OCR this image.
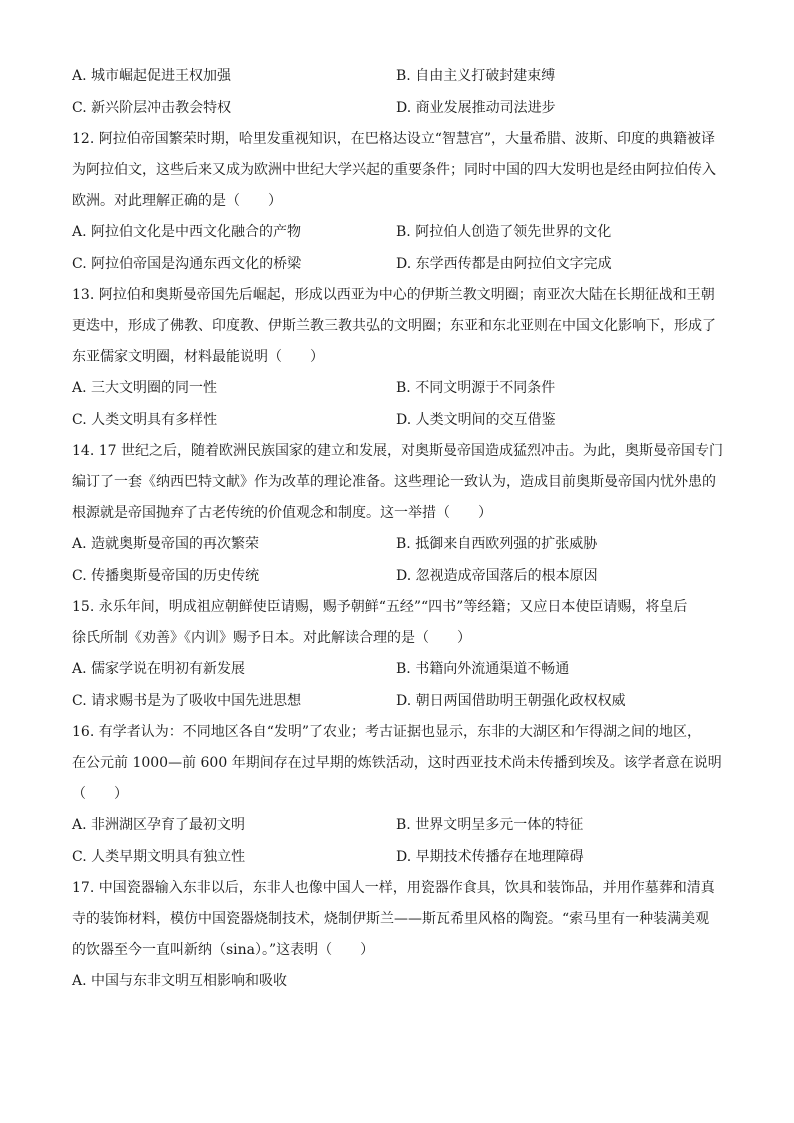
A. 城市崛起促进王权加强	B. 自由主义打破封建束缚
C. 新兴阶层冲击教会特权	D. 商业发展推动司法进步
12. 阿拉伯帝国繁荣时期，哈里发重视知识，在巴格达设立“智慧宫”，大量希腊、波斯、印度的典籍被译
为阿拉伯文，这些后来又成为欧洲中世纪大学兴起的重要条件；同时中国的四大发明也是经由阿拉伯传入
欧洲。对此理解正确的是（　　）
A. 阿拉伯文化是中西文化融合的产物	B. 阿拉伯人创造了领先世界的文化
C. 阿拉伯帝国是沟通东西文化的桥梁	D. 东学西传都是由阿拉伯文字完成
13. 阿拉伯和奥斯曼帝国先后崛起，形成以西亚为中心的伊斯兰教文明圈；南亚次大陆在长期征战和王朝
更迭中，形成了佛教、印度教、伊斯兰教三教共弘的文明圈；东亚和东北亚则在中国文化影响下，形成了
东亚儒家文明圈，材料最能说明（　　）
A. 三大文明圈的同一性	B. 不同文明源于不同条件
C. 人类文明具有多样性	D. 人类文明间的交互借鉴
14. 17 世纪之后，随着欧洲民族国家的建立和发展，对奥斯曼帝国造成猛烈冲击。为此，奥斯曼帝国专门
编订了一套《纳西巴特文献》作为改革的理论准备。这些理论一致认为，造成目前奥斯曼帝国内忧外患的
根源就是帝国抛弃了古老传统的价值观念和制度。这一举措（　　）
A. 造就奥斯曼帝国的再次繁荣	B. 抵御来自西欧列强的扩张威胁
C. 传播奥斯曼帝国的历史传统	D. 忽视造成帝国落后的根本原因
15. 永乐年间，明成祖应朝鲜使臣请赐，赐予朝鲜“五经”“四书”等经籍；又应日本使臣请赐，将皇后
徐氏所制《劝善》《内训》赐予日本。对此解读合理的是（　　）
A. 儒家学说在明初有新发展	B. 书籍向外流通渠道不畅通
C. 请求赐书是为了吸收中国先进思想	D. 朝日两国借助明王朝强化政权权威
16. 有学者认为：不同地区各自“发明”了农业；考古证据也显示，东非的大湖区和乍得湖之间的地区，
在公元前 1000—前 600 年期间存在过早期的炼铁活动，这时西亚技术尚未传播到埃及。该学者意在说明
（　　）
A. 非洲湖区孕育了最初文明	B. 世界文明呈多元一体的特征
C. 人类早期文明具有独立性	D. 早期技术传播存在地理障碍
17. 中国瓷器输入东非以后，东非人也像中国人一样，用瓷器作食具，饮具和装饰品，并用作墓葬和清真
寺的装饰材料，模仿中国瓷器烧制技术，烧制伊斯兰——斯瓦希里风格的陶瓷。“索马里有一种装满美观
的饮器至今一直叫新纳（sina）。”这表明（　　）
A. 中国与东非文明互相影响和吸收
